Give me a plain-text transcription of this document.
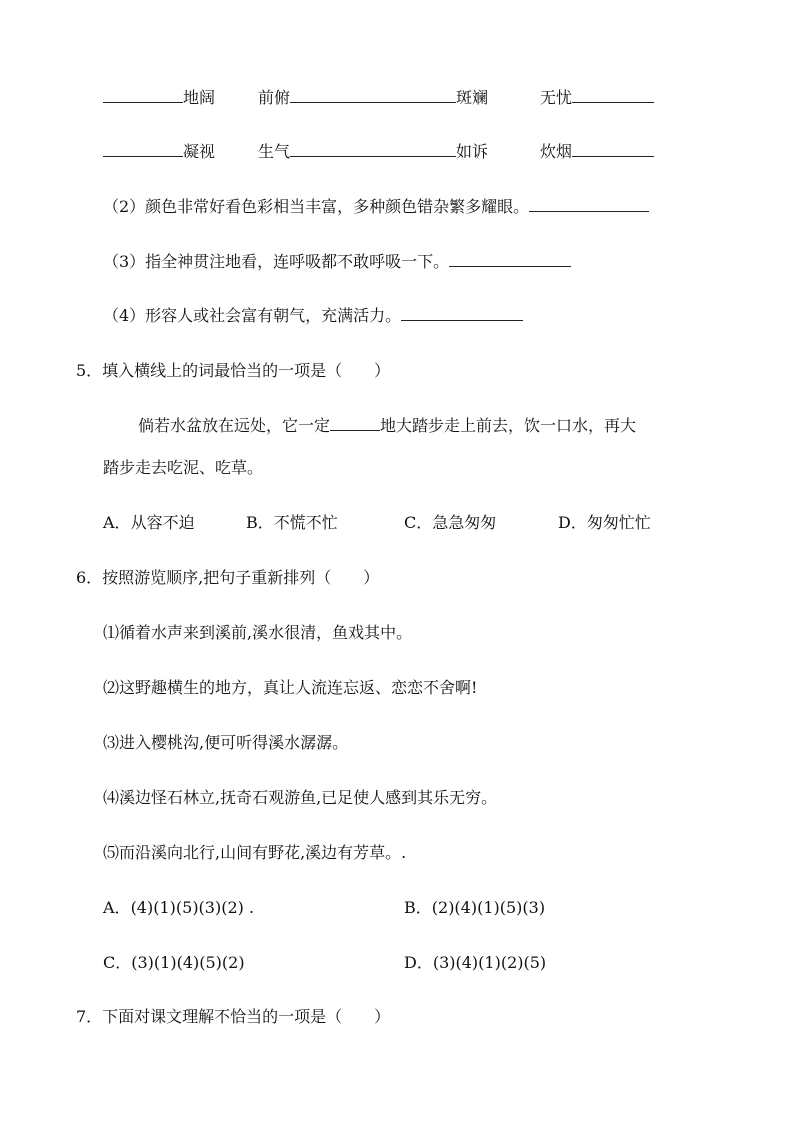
地阔	前俯	斑斓	无忧
凝视	生气	如诉	炊烟
（2）颜色非常好看色彩相当丰富，多种颜色错杂繁多耀眼。
（3）指全神贯注地看，连呼吸都不敢呼吸一下。
（4）形容人或社会富有朝气，充满活力。
5．填入横线上的词最恰当的一项是（　　）
倘若水盆放在远处，它一定	地大踏步走上前去，饮一口水，再大
踏步走去吃泥、吃草。
A．从容不迫	B．不慌不忙	C．急急匆匆	D．匆匆忙忙
6．按照游览顺序,把句子重新排列（　　）
⑴循着水声来到溪前,溪水很清，鱼戏其中。
⑵这野趣横生的地方，真让人流连忘返、恋恋不舍啊!
⑶进入樱桃沟,便可听得溪水潺潺。
⑷溪边怪石林立,抚奇石观游鱼,已足使人感到其乐无穷。
⑸而沿溪向北行,山间有野花,溪边有芳草。.
A．(4)(1)(5)(3)(2) .	B．(2)(4)(1)(5)(3)
C．(3)(1)(4)(5)(2)	D．(3)(4)(1)(2)(5)
7．下面对课文理解不恰当的一项是（　　）
